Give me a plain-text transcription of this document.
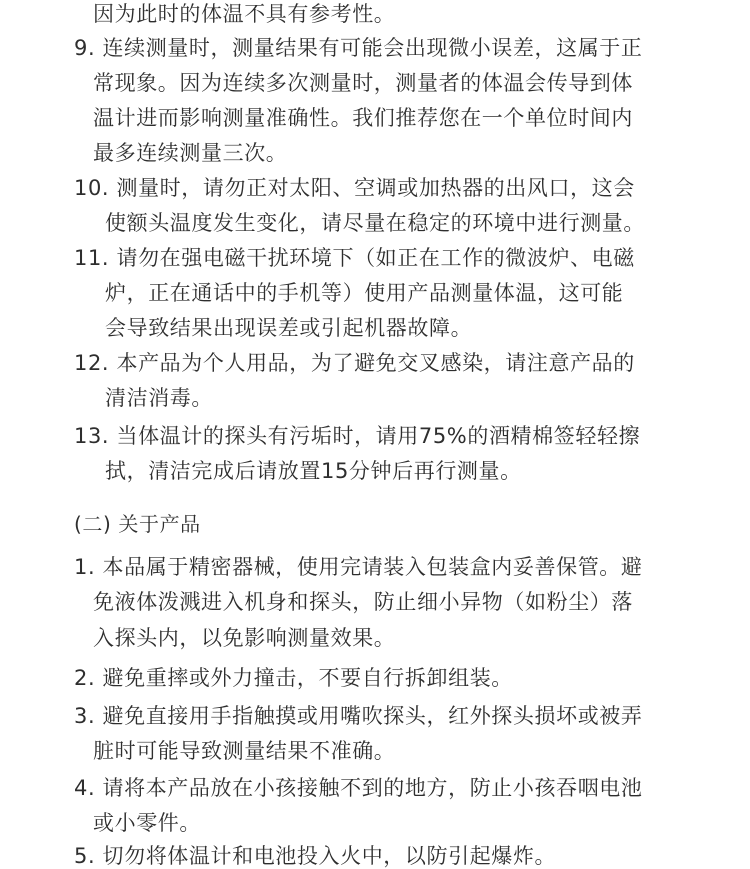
因为此时的体温不具有参考性。
9. 连续测量时，测量结果有可能会出现微小误差，这属于正
常现象。因为连续多次测量时，测量者的体温会传导到体
温计进而影响测量准确性。我们推荐您在一个单位时间内
最多连续测量三次。
10. 测量时，请勿正对太阳、空调或加热器的出风口，这会
使额头温度发生变化，请尽量在稳定的环境中进行测量。
11. 请勿在强电磁干扰环境下（如正在工作的微波炉、电磁
炉，正在通话中的手机等）使用产品测量体温，这可能
会导致结果出现误差或引起机器故障。
12. 本产品为个人用品，为了避免交叉感染，请注意产品的
清洁消毒。
13. 当体温计的探头有污垢时，请用75%的酒精棉签轻轻擦
拭，清洁完成后请放置15分钟后再行测量。
(二) 关于产品
1. 本品属于精密器械，使用完请装入包装盒内妥善保管。避
免液体泼溅进入机身和探头，防止细小异物（如粉尘）落
入探头内，以免影响测量效果。
2. 避免重摔或外力撞击，不要自行拆卸组装。
3. 避免直接用手指触摸或用嘴吹探头，红外探头损坏或被弄
脏时可能导致测量结果不准确。
4. 请将本产品放在小孩接触不到的地方，防止小孩吞咽电池
或小零件。
5. 切勿将体温计和电池投入火中，以防引起爆炸。
